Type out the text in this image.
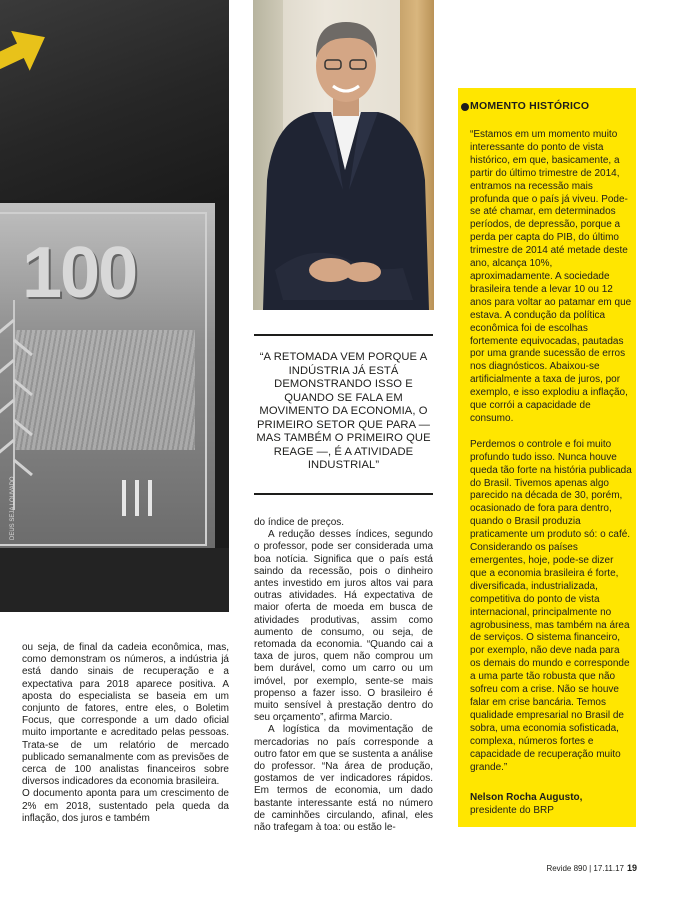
100
DEUS SEJA LOUVADO
“A RETOMADA VEM PORQUE A INDÚSTRIA JÁ ESTÁ DEMONSTRANDO ISSO E QUANDO SE FALA EM MOVIMENTO DA ECONOMIA, O PRIMEIRO SETOR QUE PARA — MAS TAMBÉM O PRIMEIRO QUE REAGE —, É A ATIVIDADE INDUSTRIAL”

do índice de preços.

A redução desses índices, segundo o professor, pode ser considerada uma boa notícia. Significa que o país está saindo da recessão, pois o dinheiro antes investido em juros altos vai para outras atividades. Há expectativa de maior oferta de moeda em busca de atividades produtivas, assim como aumento de consumo, ou seja, de retomada da economia. “Quando cai a taxa de juros, quem não comprou um bem durável, como um carro ou um imóvel, por exemplo, sente-se mais propenso a fazer isso. O brasileiro é muito sensível à prestação dentro do seu orçamento”, afirma Marcio.

A logística da movimentação de mercadorias no país corresponde a outro fator em que se sustenta a análise do professor. “Na área de produção, gostamos de ver indicadores rápidos. Em termos de economia, um dado bastante interessante está no número de caminhões circulando, afinal, eles não trafegam à toa: ou estão le-

ou seja, de final da cadeia econômica, mas, como demonstram os números, a indústria já está dando sinais de recuperação e a expectativa para 2018 aparece positiva. A aposta do especialista se baseia em um conjunto de fatores, entre eles, o Boletim Focus, que corresponde a um dado oficial muito importante e acreditado pelas pessoas. Trata-se de um relatório de mercado publicado semanalmente com as previsões de cerca de 100 analistas financeiros sobre diversos indicadores da economia brasileira.

O documento aponta para um crescimento de 2% em 2018, sustentado pela queda da inflação, dos juros e também

MOMENTO HISTÓRICO

“Estamos em um momento muito interessante do ponto de vista histórico, em que, basicamente, a partir do último trimestre de 2014, entramos na recessão mais profunda que o país já viveu. Pode-se até chamar, em determinados períodos, de depressão, porque a perda per capta do PIB, do último trimestre de 2014 até metade deste ano, alcança 10%, aproximadamente. A sociedade brasileira tende a levar 10 ou 12 anos para voltar ao patamar em que estava. A condução da política econômica foi de escolhas fortemente equivocadas, pautadas por uma grande sucessão de erros nos diagnósticos. Abaixou-se artificialmente a taxa de juros, por exemplo, e isso explodiu a inflação, que corrói a capacidade de consumo.

Perdemos o controle e foi muito profundo tudo isso. Nunca houve queda tão forte na história publicada do Brasil. Tivemos apenas algo parecido na década de 30, porém, ocasionado de fora para dentro, quando o Brasil produzia praticamente um produto só: o café. Considerando os países emergentes, hoje, pode-se dizer que a economia brasileira é forte, diversificada, industrializada, competitiva do ponto de vista internacional, principalmente no agrobusiness, mas também na área de serviços. O sistema financeiro, por exemplo, não deve nada para os demais do mundo e corresponde a uma parte tão robusta que não sofreu com a crise. Não se houve falar em crise bancária. Temos qualidade empresarial no Brasil de sobra, uma economia sofisticada, complexa, números fortes e capacidade de recuperação muito grande.”

Nelson Rocha Augusto,
presidente do BRP
Revide 890 | 17.11.17 19
